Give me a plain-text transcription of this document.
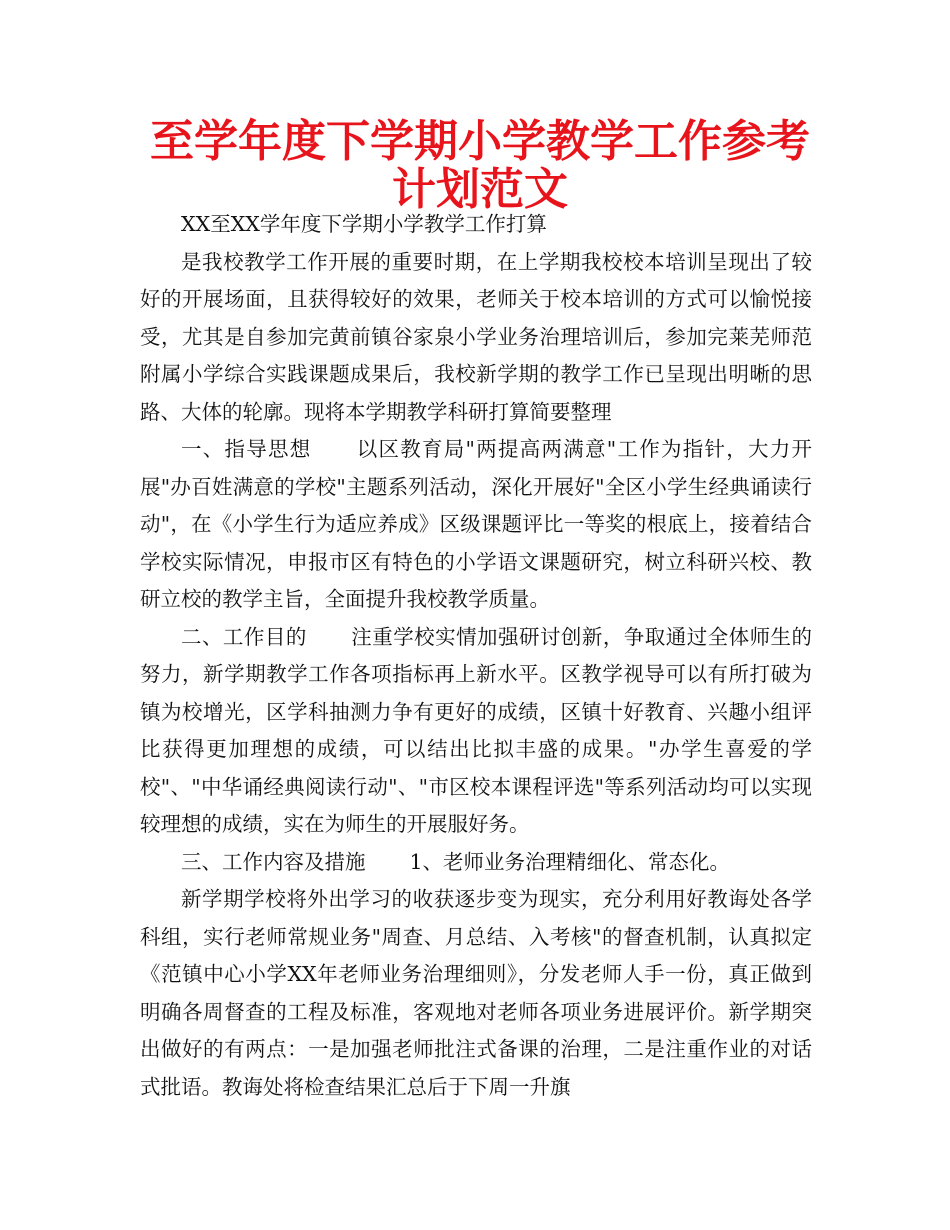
至学年度下学期小学教学工作参考计划范文

XX至XX学年度下学期小学教学工作打算

是我校教学工作开展的重要时期，在上学期我校校本培训呈现出了较好的开展场面，且获得较好的效果，老师关于校本培训的方式可以愉悦接受，尤其是自参加完黄前镇谷家泉小学业务治理培训后，参加完莱芜师范附属小学综合实践课题成果后，我校新学期的教学工作已呈现出明晰的思路、大体的轮廓。现将本学期教学科研打算简要整理

一、指导思想 以区教育局"两提高两满意"工作为指针，大力开展"办百姓满意的学校"主题系列活动，深化开展好"全区小学生经典诵读行动"，在《小学生行为适应养成》区级课题评比一等奖的根底上，接着结合学校实际情况，申报市区有特色的小学语文课题研究，树立科研兴校、教研立校的教学主旨，全面提升我校教学质量。

二、工作目的 注重学校实情加强研讨创新，争取通过全体师生的努力，新学期教学工作各项指标再上新水平。区教学视导可以有所打破为镇为校增光，区学科抽测力争有更好的成绩，区镇十好教育、兴趣小组评比获得更加理想的成绩，可以结出比拟丰盛的成果。"办学生喜爱的学校"、"中华诵经典阅读行动"、"市区校本课程评选"等系列活动均可以实现较理想的成绩，实在为师生的开展服好务。

三、工作内容及措施 1、老师业务治理精细化、常态化。

新学期学校将外出学习的收获逐步变为现实，充分利用好教诲处各学科组，实行老师常规业务"周查、月总结、入考核"的督查机制，认真拟定《范镇中心小学XX年老师业务治理细则》，分发老师人手一份，真正做到明确各周督查的工程及标准，客观地对老师各项业务进展评价。新学期突出做好的有两点：一是加强老师批注式备课的治理，二是注重作业的对话式批语。教诲处将检查结果汇总后于下周一升旗
